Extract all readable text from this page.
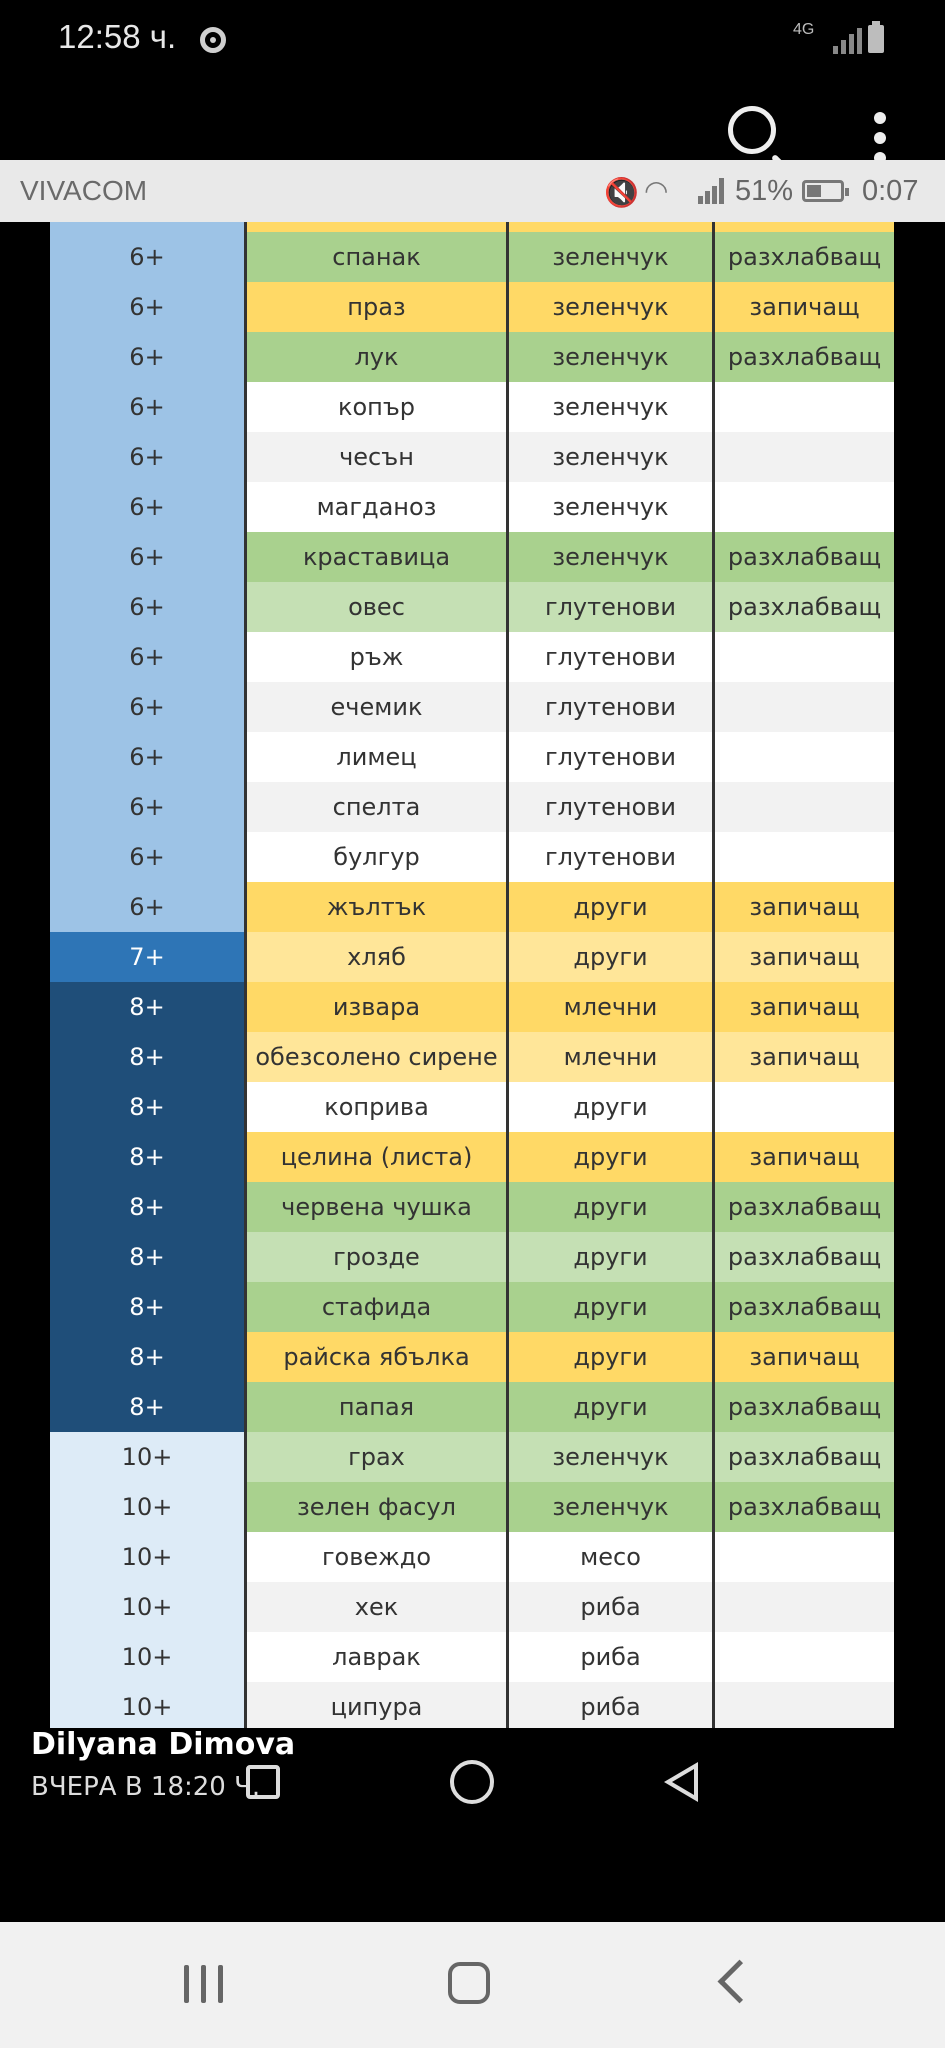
12:58 ч.	4G
VIVACOM	🔇 ◠ 51% 0:07
6+	спанак	зеленчук	разхлабващ
6+	праз	зеленчук	запичащ
6+	лук	зеленчук	разхлабващ
6+	копър	зеленчук
6+	чесън	зеленчук
6+	магданоз	зеленчук
6+	краставица	зеленчук	разхлабващ
6+	овес	глутенови	разхлабващ
6+	ръж	глутенови
6+	ечемик	глутенови
6+	лимец	глутенови
6+	спелта	глутенови
6+	булгур	глутенови
6+	жълтък	други	запичащ
7+	хляб	други	запичащ
8+	извара	млечни	запичащ
8+	обезсолено сирене	млечни	запичащ
8+	коприва	други
8+	целина (листа)	други	запичащ
8+	червена чушка	други	разхлабващ
8+	грозде	други	разхлабващ
8+	стафида	други	разхлабващ
8+	райска ябълка	други	запичащ
8+	папая	други	разхлабващ
10+	грах	зеленчук	разхлабващ
10+	зелен фасул	зеленчук	разхлабващ
10+	говеждо	месо
10+	хек	риба
10+	лаврак	риба
10+	ципура	риба
Dilyana Dimova
ВЧЕРА В 18:20 Ч.
